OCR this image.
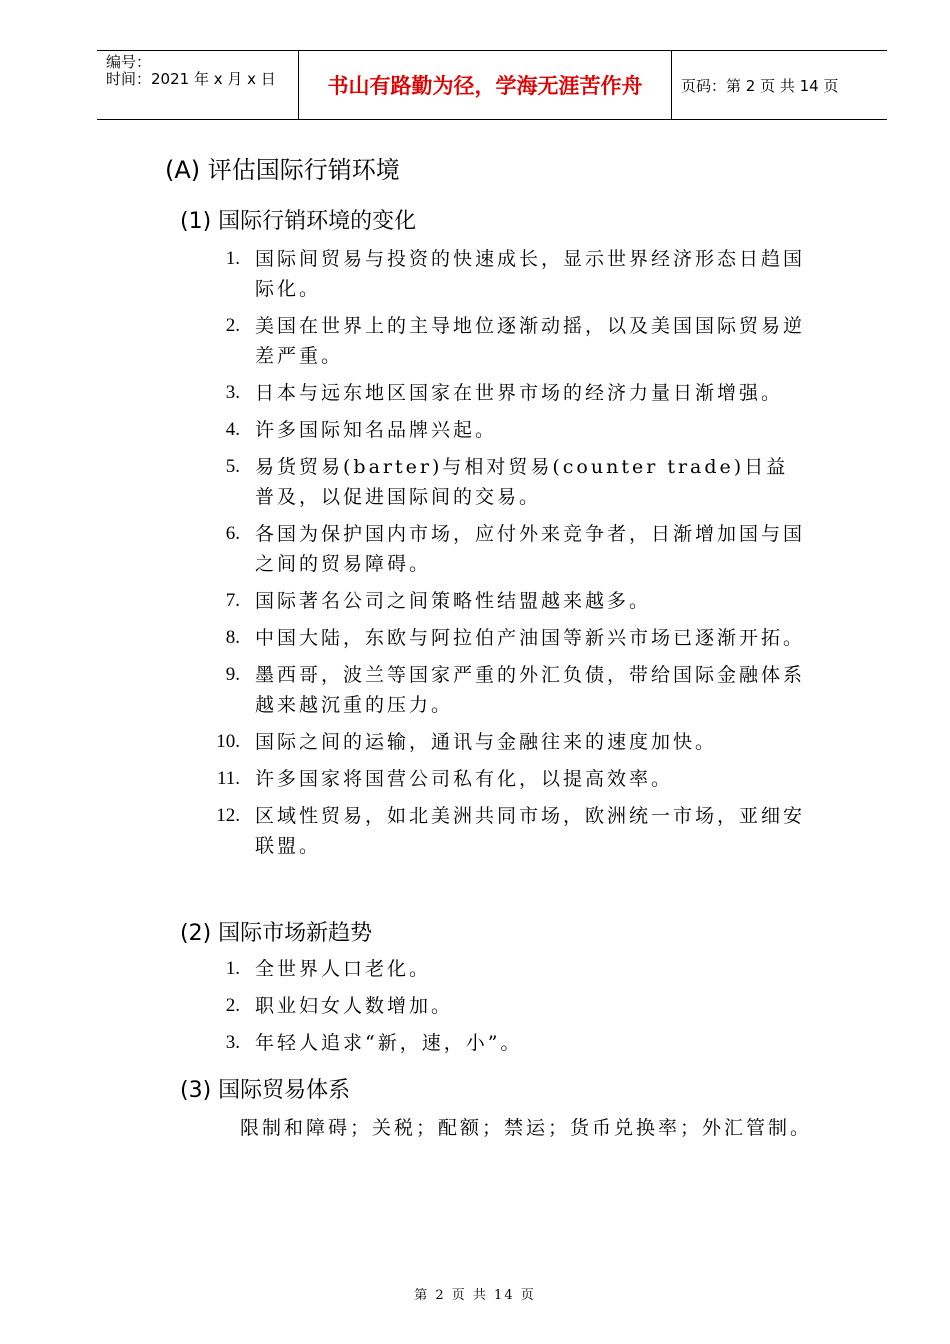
编号：
时间：2021 年 x 月 x 日	书山有路勤为径，学海无涯苦作舟	页码：第 2 页 共 14 页
(A) 评估国际行销环境
(1) 国际行销环境的变化
1. 国际间贸易与投资的快速成长，显示世界经济形态日趋国际化。
2. 美国在世界上的主导地位逐渐动摇，以及美国国际贸易逆差严重。
3. 日本与远东地区国家在世界市场的经济力量日渐增强。
4. 许多国际知名品牌兴起。
5. 易货贸易(barter)与相对贸易(counter trade)日益普及，以促进国际间的交易。
6. 各国为保护国内市场，应付外来竞争者，日渐增加国与国之间的贸易障碍。
7. 国际著名公司之间策略性结盟越来越多。
8. 中国大陆，东欧与阿拉伯产油国等新兴市场已逐渐开拓。
9. 墨西哥，波兰等国家严重的外汇负债，带给国际金融体系越来越沉重的压力。
10. 国际之间的运输，通讯与金融往来的速度加快。
11. 许多国家将国营公司私有化，以提高效率。
12. 区域性贸易，如北美洲共同市场，欧洲统一市场，亚细安联盟。
(2) 国际市场新趋势
1. 全世界人口老化。
2. 职业妇女人数增加。
3. 年轻人追求“新，速，小”。
(3) 国际贸易体系
限制和障碍；关税；配额；禁运；货币兑换率；外汇管制。
第 2 页 共 14 页
